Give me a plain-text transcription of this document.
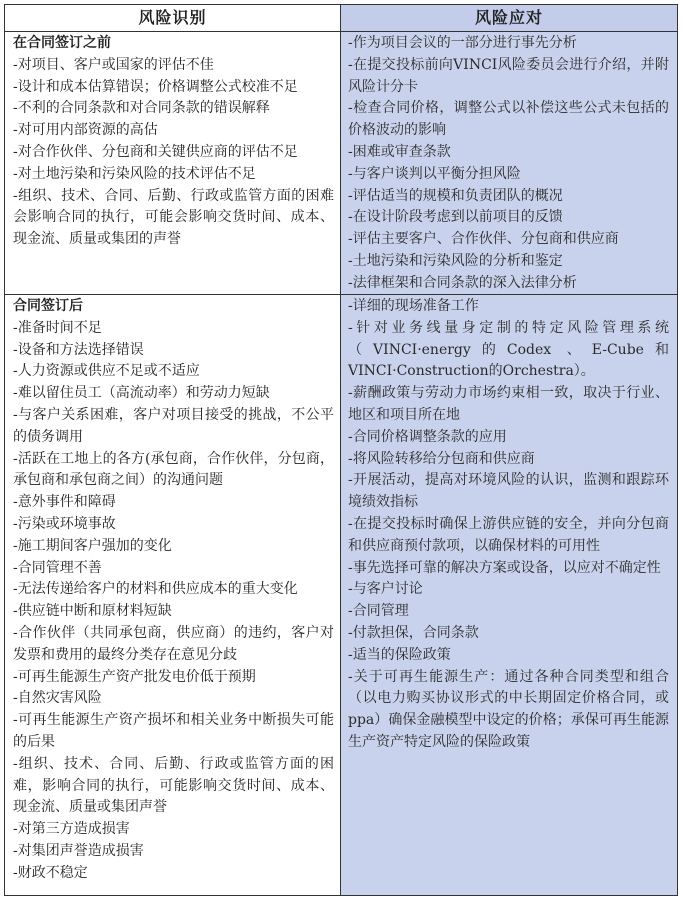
风险识别

在合同签订之前

-对项目、客户或国家的评估不佳

-设计和成本估算错误；价格调整公式校准不足

-不利的合同条款和对合同条款的错误解释

-对可用内部资源的高估

-对合作伙伴、分包商和关键供应商的评估不足

-对土地污染和污染风险的技术评估不足

-组织、技术、合同、后勤、行政或监管方面的困难会影响合同的执行，可能会影响交货时间、成本、现金流、质量或集团的声誉

合同签订后

-准备时间不足

-设备和方法选择错误

-人力资源或供应不足或不适应

-难以留住员工（高流动率）和劳动力短缺

-与客户关系困难，客户对项目接受的挑战，不公平的债务调用

-活跃在工地上的各方(承包商，合作伙伴，分包商，承包商和承包商之间）的沟通问题

-意外事件和障碍

-污染或环境事故

-施工期间客户强加的变化

-合同管理不善

-无法传递给客户的材料和供应成本的重大变化

-供应链中断和原材料短缺

-合作伙伴（共同承包商，供应商）的违约，客户对发票和费用的最终分类存在意见分歧

-可再生能源生产资产批发电价低于预期

-自然灾害风险

-可再生能源生产资产损坏和相关业务中断损失可能的后果

-组织、技术、合同、后勤、行政或监管方面的困难，影响合同的执行，可能影响交货时间、成本、现金流、质量或集团声誉

-对第三方造成损害

-对集团声誉造成损害

-财政不稳定

风险应对

-作为项目会议的一部分进行事先分析

-在提交投标前向VINCI风险委员会进行介绍，并附风险计分卡

-检查合同价格，调整公式以补偿这些公式未包括的价格波动的影响

-困难或审查条款

-与客户谈判以平衡分担风险

-评估适当的规模和负责团队的概况

-在设计阶段考虑到以前项目的反馈

-评估主要客户、合作伙伴、分包商和供应商

-土地污染和污染风险的分析和鉴定

-法律框架和合同条款的深入法律分析

-详细的现场准备工作

-针对业务线量身定制的特定风险管理系统（VINCI·energy的Codex 、E-Cube和VINCI·Construction的Orchestra）。

-薪酬政策与劳动力市场约束相一致，取决于行业、地区和项目所在地

-合同价格调整条款的应用

-将风险转移给分包商和供应商

-开展活动，提高对环境风险的认识，监测和跟踪环境绩效指标

-在提交投标时确保上游供应链的安全，并向分包商和供应商预付款项，以确保材料的可用性

-事先选择可靠的解决方案或设备，以应对不确定性

-与客户讨论

-合同管理

-付款担保，合同条款

-适当的保险政策

-关于可再生能源生产：通过各种合同类型和组合（以电力购买协议形式的中长期固定价格合同，或ppa）确保金融模型中设定的价格；承保可再生能源生产资产特定风险的保险政策
